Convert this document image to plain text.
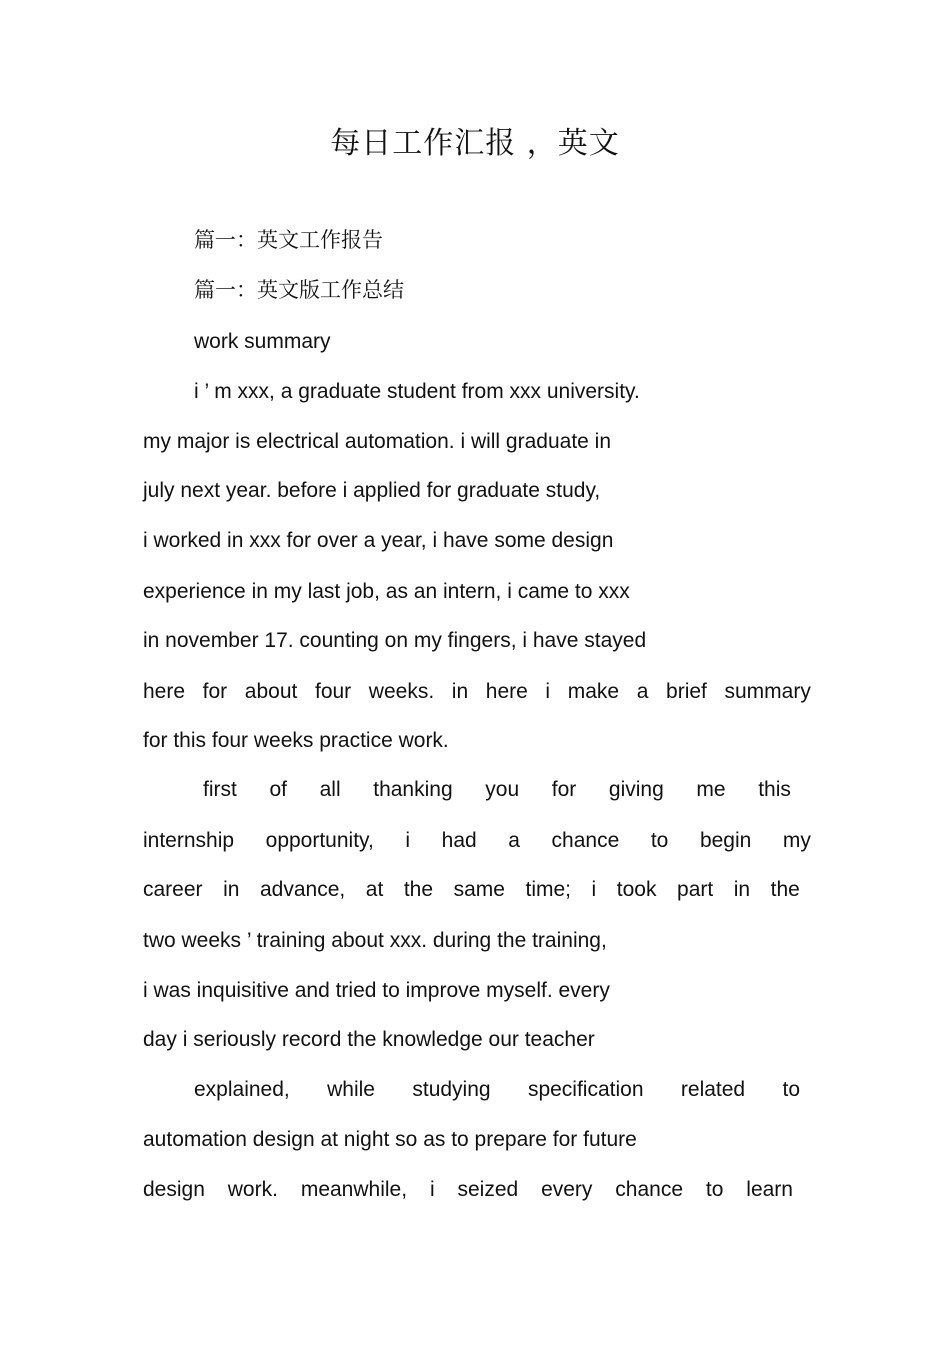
每日工作汇报 ，英文
篇一：英文工作报告
篇一：英文版工作总结
work summary
i ’ m xxx, a graduate student from xxx university.
my major is electrical automation. i will graduate in
july next year. before i applied for graduate study,
i worked in xxx for over a year, i have some design
experience in my last job, as an intern, i came to xxx
in november 17. counting on my fingers, i have stayed
here for about four weeks. in here i make a brief summary
for this four weeks practice work.
first of all thanking you for giving me this
internship opportunity, i had a chance to begin my
career in advance, at the same time; i took part in the
two weeks ’ training about xxx. during the training,
i was inquisitive and tried to improve myself. every
day i seriously record the knowledge our teacher
explained, while studying specification related to
automation design at night so as to prepare for future
design work. meanwhile, i seized every chance to learn
